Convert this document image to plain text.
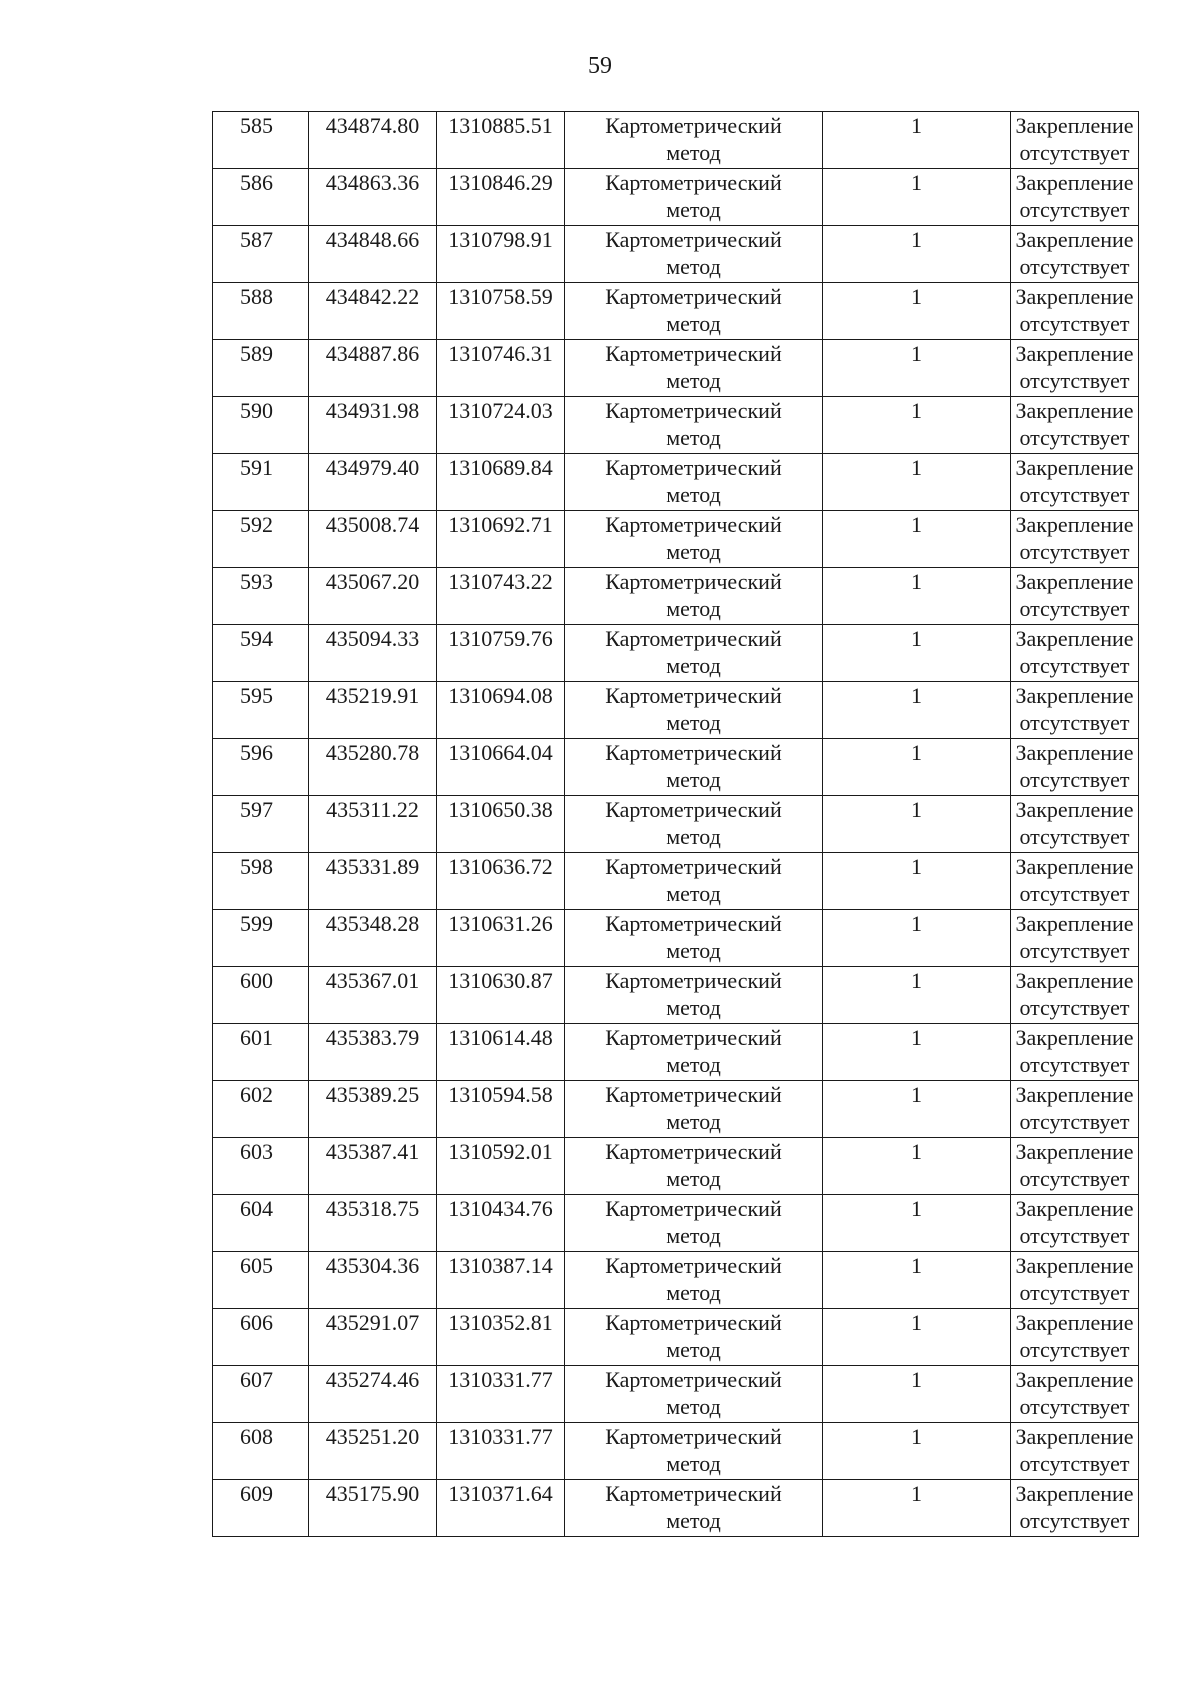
59
585	434874.80	1310885.51	Картометрический
метод	1	Закрепление
отсутствует

586	434863.36	1310846.29	Картометрический
метод	1	Закрепление
отсутствует

587	434848.66	1310798.91	Картометрический
метод	1	Закрепление
отсутствует

588	434842.22	1310758.59	Картометрический
метод	1	Закрепление
отсутствует

589	434887.86	1310746.31	Картометрический
метод	1	Закрепление
отсутствует

590	434931.98	1310724.03	Картометрический
метод	1	Закрепление
отсутствует

591	434979.40	1310689.84	Картометрический
метод	1	Закрепление
отсутствует

592	435008.74	1310692.71	Картометрический
метод	1	Закрепление
отсутствует

593	435067.20	1310743.22	Картометрический
метод	1	Закрепление
отсутствует

594	435094.33	1310759.76	Картометрический
метод	1	Закрепление
отсутствует

595	435219.91	1310694.08	Картометрический
метод	1	Закрепление
отсутствует

596	435280.78	1310664.04	Картометрический
метод	1	Закрепление
отсутствует

597	435311.22	1310650.38	Картометрический
метод	1	Закрепление
отсутствует

598	435331.89	1310636.72	Картометрический
метод	1	Закрепление
отсутствует

599	435348.28	1310631.26	Картометрический
метод	1	Закрепление
отсутствует

600	435367.01	1310630.87	Картометрический
метод	1	Закрепление
отсутствует

601	435383.79	1310614.48	Картометрический
метод	1	Закрепление
отсутствует

602	435389.25	1310594.58	Картометрический
метод	1	Закрепление
отсутствует

603	435387.41	1310592.01	Картометрический
метод	1	Закрепление
отсутствует

604	435318.75	1310434.76	Картометрический
метод	1	Закрепление
отсутствует

605	435304.36	1310387.14	Картометрический
метод	1	Закрепление
отсутствует

606	435291.07	1310352.81	Картометрический
метод	1	Закрепление
отсутствует

607	435274.46	1310331.77	Картометрический
метод	1	Закрепление
отсутствует

608	435251.20	1310331.77	Картометрический
метод	1	Закрепление
отсутствует

609	435175.90	1310371.64	Картометрический
метод	1	Закрепление
отсутствует
